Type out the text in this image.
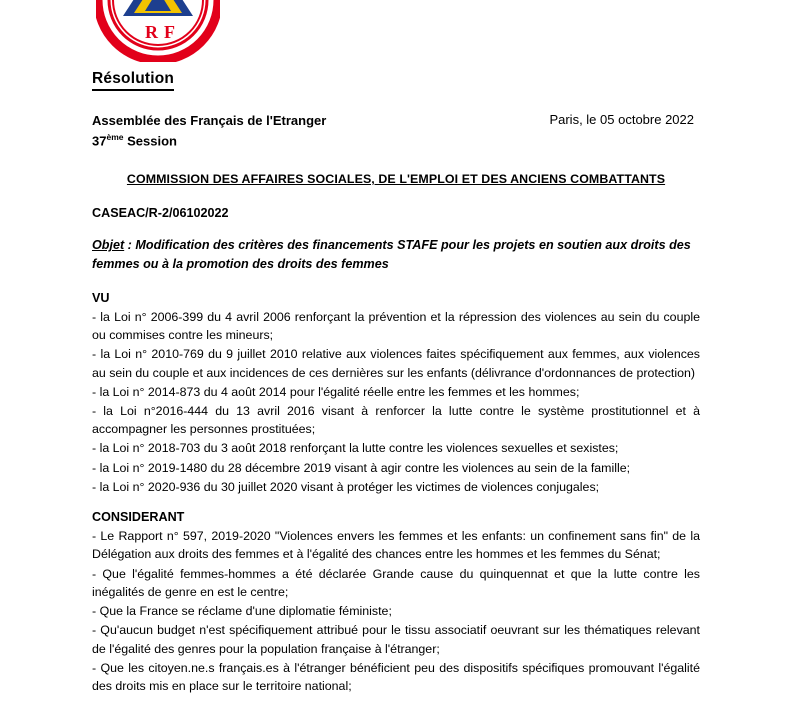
R F
Résolution
Assemblée des Français de l'Etranger
37ème Session
Paris, le 05 octobre 2022
COMMISSION DES AFFAIRES SOCIALES, DE L'EMPLOI ET DES ANCIENS COMBATTANTS
CASEAC/R-2/06102022
Objet : Modification des critères des financements STAFE pour les projets en soutien aux droits des femmes ou à la promotion des droits des femmes
VU
- la Loi n° 2006-399 du 4 avril 2006 renforçant la prévention et la répression des violences au sein du couple ou commises contre les mineurs;
- la Loi n° 2010-769 du 9 juillet 2010 relative aux violences faites spécifiquement aux femmes, aux violences au sein du couple et aux incidences de ces dernières sur les enfants (délivrance d'ordonnances de protection)
- la Loi n° 2014-873 du 4 août 2014 pour l'égalité réelle entre les femmes et les hommes;
- la Loi n°2016-444 du 13 avril 2016 visant à renforcer la lutte contre le système prostitutionnel et à accompagner les personnes prostituées;
- la Loi n° 2018-703 du 3 août 2018 renforçant la lutte contre les violences sexuelles et sexistes;
- la Loi n° 2019-1480 du 28 décembre 2019 visant à agir contre les violences au sein de la famille;
- la Loi n° 2020-936 du 30 juillet 2020 visant à protéger les victimes de violences conjugales;
CONSIDERANT
- Le Rapport n° 597, 2019-2020 "Violences envers les femmes et les enfants: un confinement sans fin" de la Délégation aux droits des femmes et à l'égalité des chances entre les hommes et les femmes du Sénat;
- Que l'égalité femmes-hommes a été déclarée Grande cause du quinquennat et que la lutte contre les inégalités de genre en est le centre;
- Que la France se réclame d'une diplomatie féministe;
- Qu'aucun budget n'est spécifiquement attribué pour le tissu associatif oeuvrant sur les thématiques relevant de l'égalité des genres pour la population française à l'étranger;
- Que les citoyen.ne.s français.es à l'étranger bénéficient peu des dispositifs spécifiques promouvant l'égalité des droits mis en place sur le territoire national;
